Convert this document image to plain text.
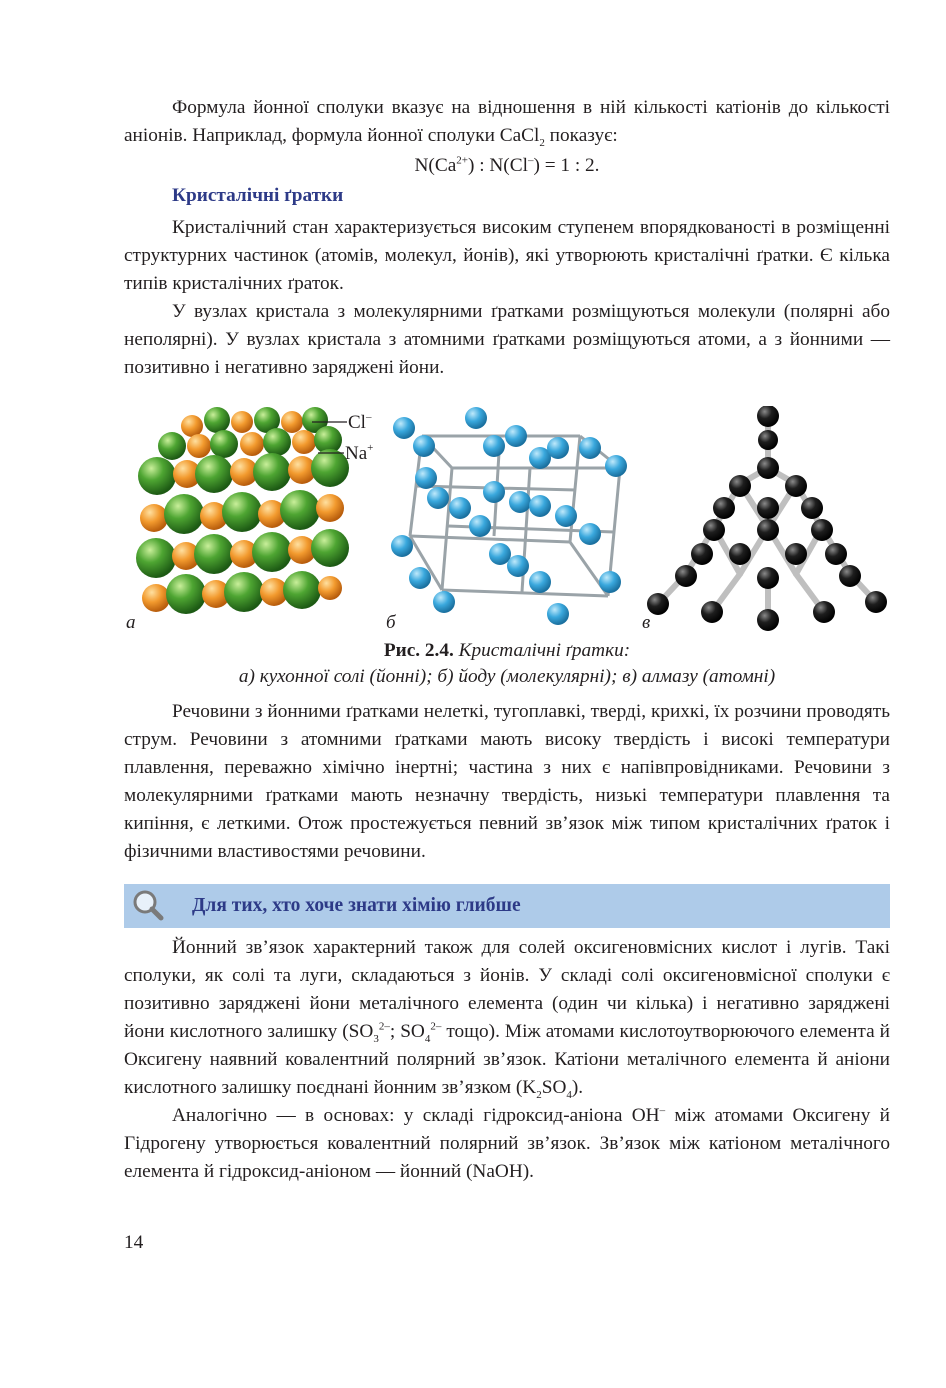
Формула йонної сполуки вказує на відношення в ній кількості катіонів до кількості аніонів. Наприклад, формула йонної сполуки CaCl$_2$ показує:

$N(Ca^{2+})$ : N(Cl–) = 1 : 2.
Кристалічні ґратки

Кристалічний стан характеризується високим ступенем впорядкованості в розміщенні структурних частинок (атомів, молекул, йонів), які утворюють кристалічні ґратки. Є кілька типів кристалічних ґраток.

У вузлах кристала з молекулярними ґратками розміщуються молекули (полярні або неполярні). У вузлах кристала з атомними ґратками розміщуються атоми, а з йонними — позитивно і негативно заряджені йони.

Cl–
Na+
а	б	в
Рис. 2.4. Кристалічні ґратки:
а) кухонної солі (йонні); б) йоду (молекулярні); в) алмазу (атомні)

Речовини з йонними ґратками нелеткі, тугоплавкі, тверді, крихкі, їх розчини проводять струм. Речовини з атомними ґратками мають високу твердість і високі температури плавлення, переважно хімічно інертні; частина з них є напівпровідниками. Речовини з молекулярними ґратками мають незначну твердість, низькі температури плавлення та кипіння, є леткими. Отож простежується певний зв’язок між типом кристалічних ґраток і фізичними властивостями речовини.

Для тих, хто хоче знати хімію глибше

Йонний зв’язок характерний також для солей оксигеновмісних кислот і лугів. Такі сполуки, як солі та луги, складаються з йонів. У складі солі оксигеновмісної сполуки є позитивно заряджені йони металічного елемента (один чи кілька) і негативно заряджені йони кислотного залишку ($SO_3^{2-}$; $SO_4^{2-}$ тощо). Між атомами кислотоутворюючого елемента й Оксигену наявний ковалентний полярний зв’язок. Катіони металічного елемента й аніони кислотного залишку поєднані йонним зв’язком $(K_2SO_4)$.

Аналогічно — в основах: у складі гідроксид-аніона OH– між атомами Оксигену й Гідрогену утворюється ковалентний полярний зв’язок. Зв’язок між катіоном металічного елемента й гідроксид-аніоном — йонний (NaOH).

14
